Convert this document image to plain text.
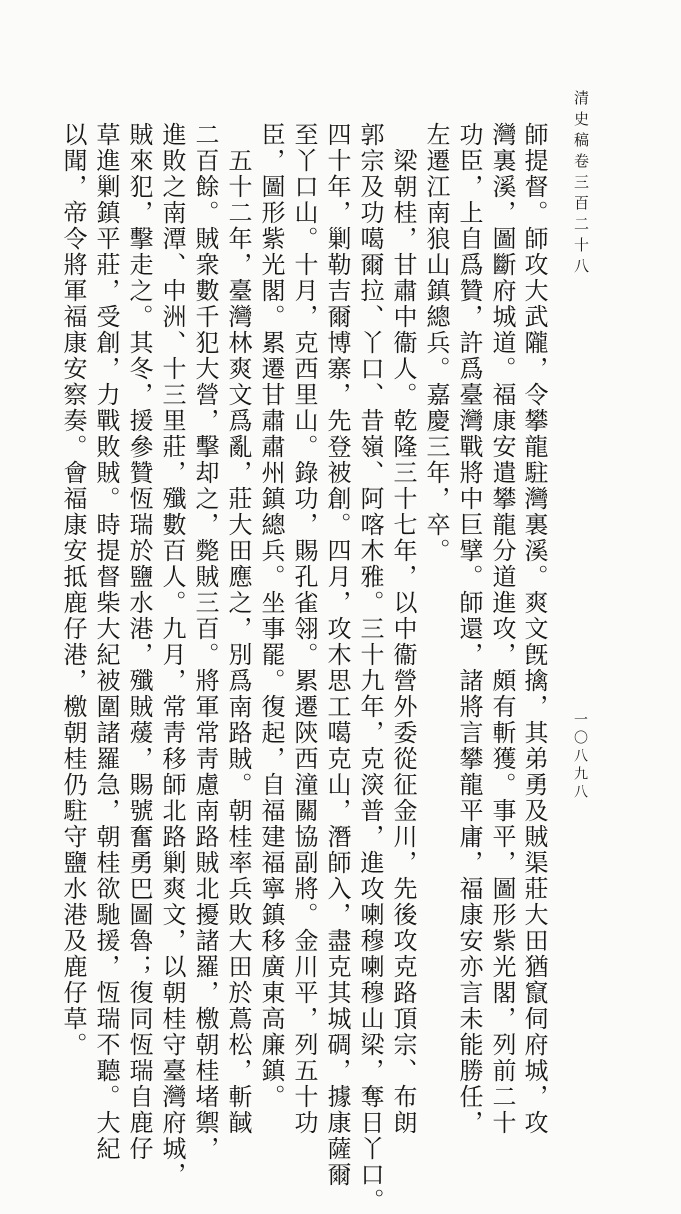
清史稿卷三百二十八
一〇八九八
師提督。師攻大武隴，令攀龍駐灣裏溪。爽文旣擒，其弟勇及賊渠莊大田猶竄伺府城，攻
灣裏溪，圖斷府城道。福康安遣攀龍分道進攻，頗有斬獲。事平，圖形紫光閣，列前二十
功臣，上自爲贊，許爲臺灣戰將中巨擘。師還，諸將言攀龍平庸，福康安亦言未能勝任，
左遷江南狼山鎮總兵。嘉慶三年，卒。
梁朝桂，甘肅中衞人。乾隆三十七年，以中衞營外委從征金川，先後攻克路頂宗、布朗
郭宗及功噶爾拉、丫口、昔嶺、阿喀木雅。三十九年，克㴱普，進攻喇穆喇穆山梁，奪日丫口。
四十年，剿勒吉爾博寨，先登被創。四月，攻木思工噶克山，潛師入，盡克其城碉，據康薩爾
至丫口山。十月，克西里山。錄功，賜孔雀翎。累遷陝西潼關協副將。金川平，列五十功
臣，圖形紫光閣。累遷甘肅肅州鎮總兵。坐事罷。復起，自福建福寧鎮移廣東高廉鎮。
五十二年，臺灣林爽文爲亂，莊大田應之，別爲南路賊。朝桂率兵敗大田於蔦松，斬馘
二百餘。賊衆數千犯大營，擊却之，斃賊三百。將軍常靑慮南路賊北擾諸羅，檄朝桂堵禦，
進敗之南潭、中洲、十三里莊，殲數百人。九月，常靑移師北路剿爽文，以朝桂守臺灣府城，
賊來犯，擊走之。其冬，援參贊恆瑞於鹽水港，殲賊蕿，賜號奮勇巴圖魯；復同恆瑞自鹿仔
草進剿鎮平莊，受創，力戰敗賊。時提督柴大紀被圍諸羅急，朝桂欲馳援，恆瑞不聽。大紀
以聞，帝令將軍福康安察奏。會福康安抵鹿仔港，檄朝桂仍駐守鹽水港及鹿仔草。
